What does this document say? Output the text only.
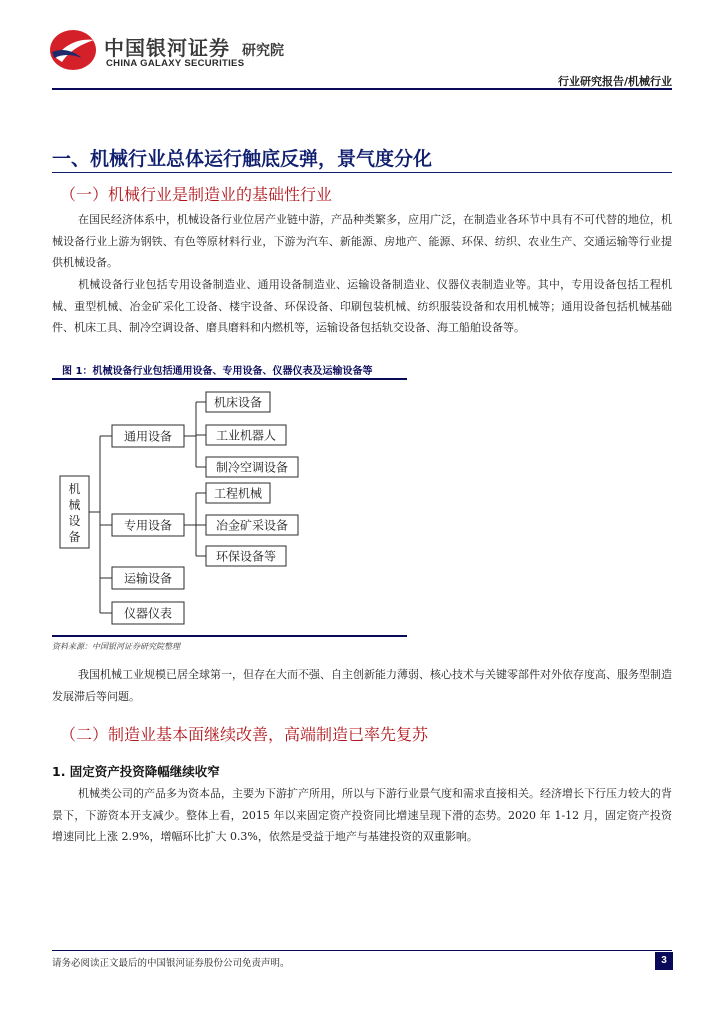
中国银河证券 研究院
CHINA GALAXY SECURITIES
行业研究报告/机械行业
一、机械行业总体运行触底反弹，景气度分化
（一）机械行业是制造业的基础性行业
在国民经济体系中，机械设备行业位居产业链中游，产品种类繁多，应用广泛，在制造业各环节中具有不可代替的地位，机械设备行业上游为钢铁、有色等原材料行业，下游为汽车、新能源、房地产、能源、环保、纺织、农业生产、交通运输等行业提供机械设备。
机械设备行业包括专用设备制造业、通用设备制造业、运输设备制造业、仪器仪表制造业等。其中，专用设备包括工程机械、重型机械、冶金矿采化工设备、楼宇设备、环保设备、印刷包装机械、纺织服装设备和农用机械等；通用设备包括机械基础件、机床工具、制冷空调设备、磨具磨料和内燃机等，运输设备包括轨交设备、海工船舶设备等。
图 1：机械设备行业包括通用设备、专用设备、仪器仪表及运输设备等
机
械
设
备
通用设备
专用设备
运输设备
仪器仪表
机床设备
工业机器人
制冷空调设备
工程机械
冶金矿采设备
环保设备等
资料来源：中国银河证券研究院整理
我国机械工业规模已居全球第一，但存在大而不强、自主创新能力薄弱、核心技术与关键零部件对外依存度高、服务型制造发展滞后等问题。
（二）制造业基本面继续改善，高端制造已率先复苏
1. 固定资产投资降幅继续收窄
机械类公司的产品多为资本品，主要为下游扩产所用，所以与下游行业景气度和需求直接相关。经济增长下行压力较大的背景下，下游资本开支减少。整体上看，2015 年以来固定资产投资同比增速呈现下滑的态势。2020 年 1-12 月，固定资产投资增速同比上涨 2.9%，增幅环比扩大 0.3%，依然是受益于地产与基建投资的双重影响。
请务必阅读正文最后的中国银河证券股份公司免责声明。	3
